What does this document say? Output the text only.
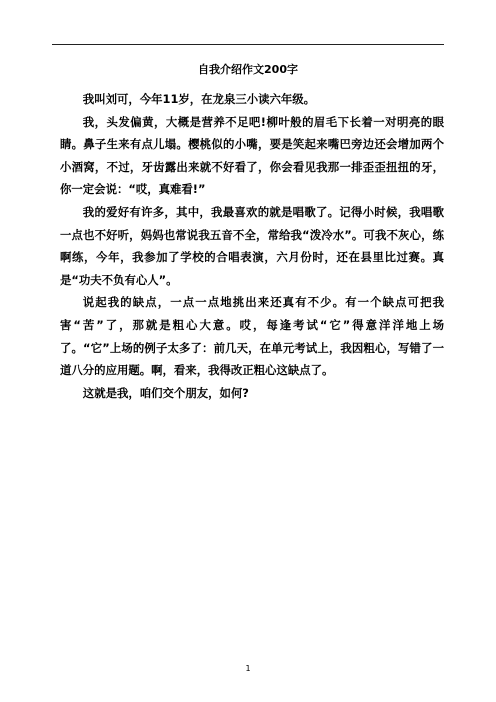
自我介绍作文200字

我叫刘可，今年11岁，在龙泉三小读六年级。

我，头发偏黄，大概是营养不足吧!柳叶般的眉毛下长着一对明亮的眼睛。鼻子生来有点儿塌。樱桃似的小嘴，要是笑起来嘴巴旁边还会增加两个小酒窝，不过，牙齿露出来就不好看了，你会看见我那一排歪歪扭扭的牙，你一定会说：“哎，真难看!”

我的爱好有许多，其中，我最喜欢的就是唱歌了。记得小时候，我唱歌一点也不好听，妈妈也常说我五音不全，常给我“泼冷水”。可我不灰心，练啊练，今年，我参加了学校的合唱表演，六月份时，还在县里比过赛。真是“功夫不负有心人”。

说起我的缺点，一点一点地挑出来还真有不少。有一个缺点可把我害“苦”了，那就是粗心大意。哎，每逢考试“它”得意洋洋地上场了。“它”上场的例子太多了：前几天，在单元考试上，我因粗心，写错了一道八分的应用题。啊，看来，我得改正粗心这缺点了。

这就是我，咱们交个朋友，如何?

1
